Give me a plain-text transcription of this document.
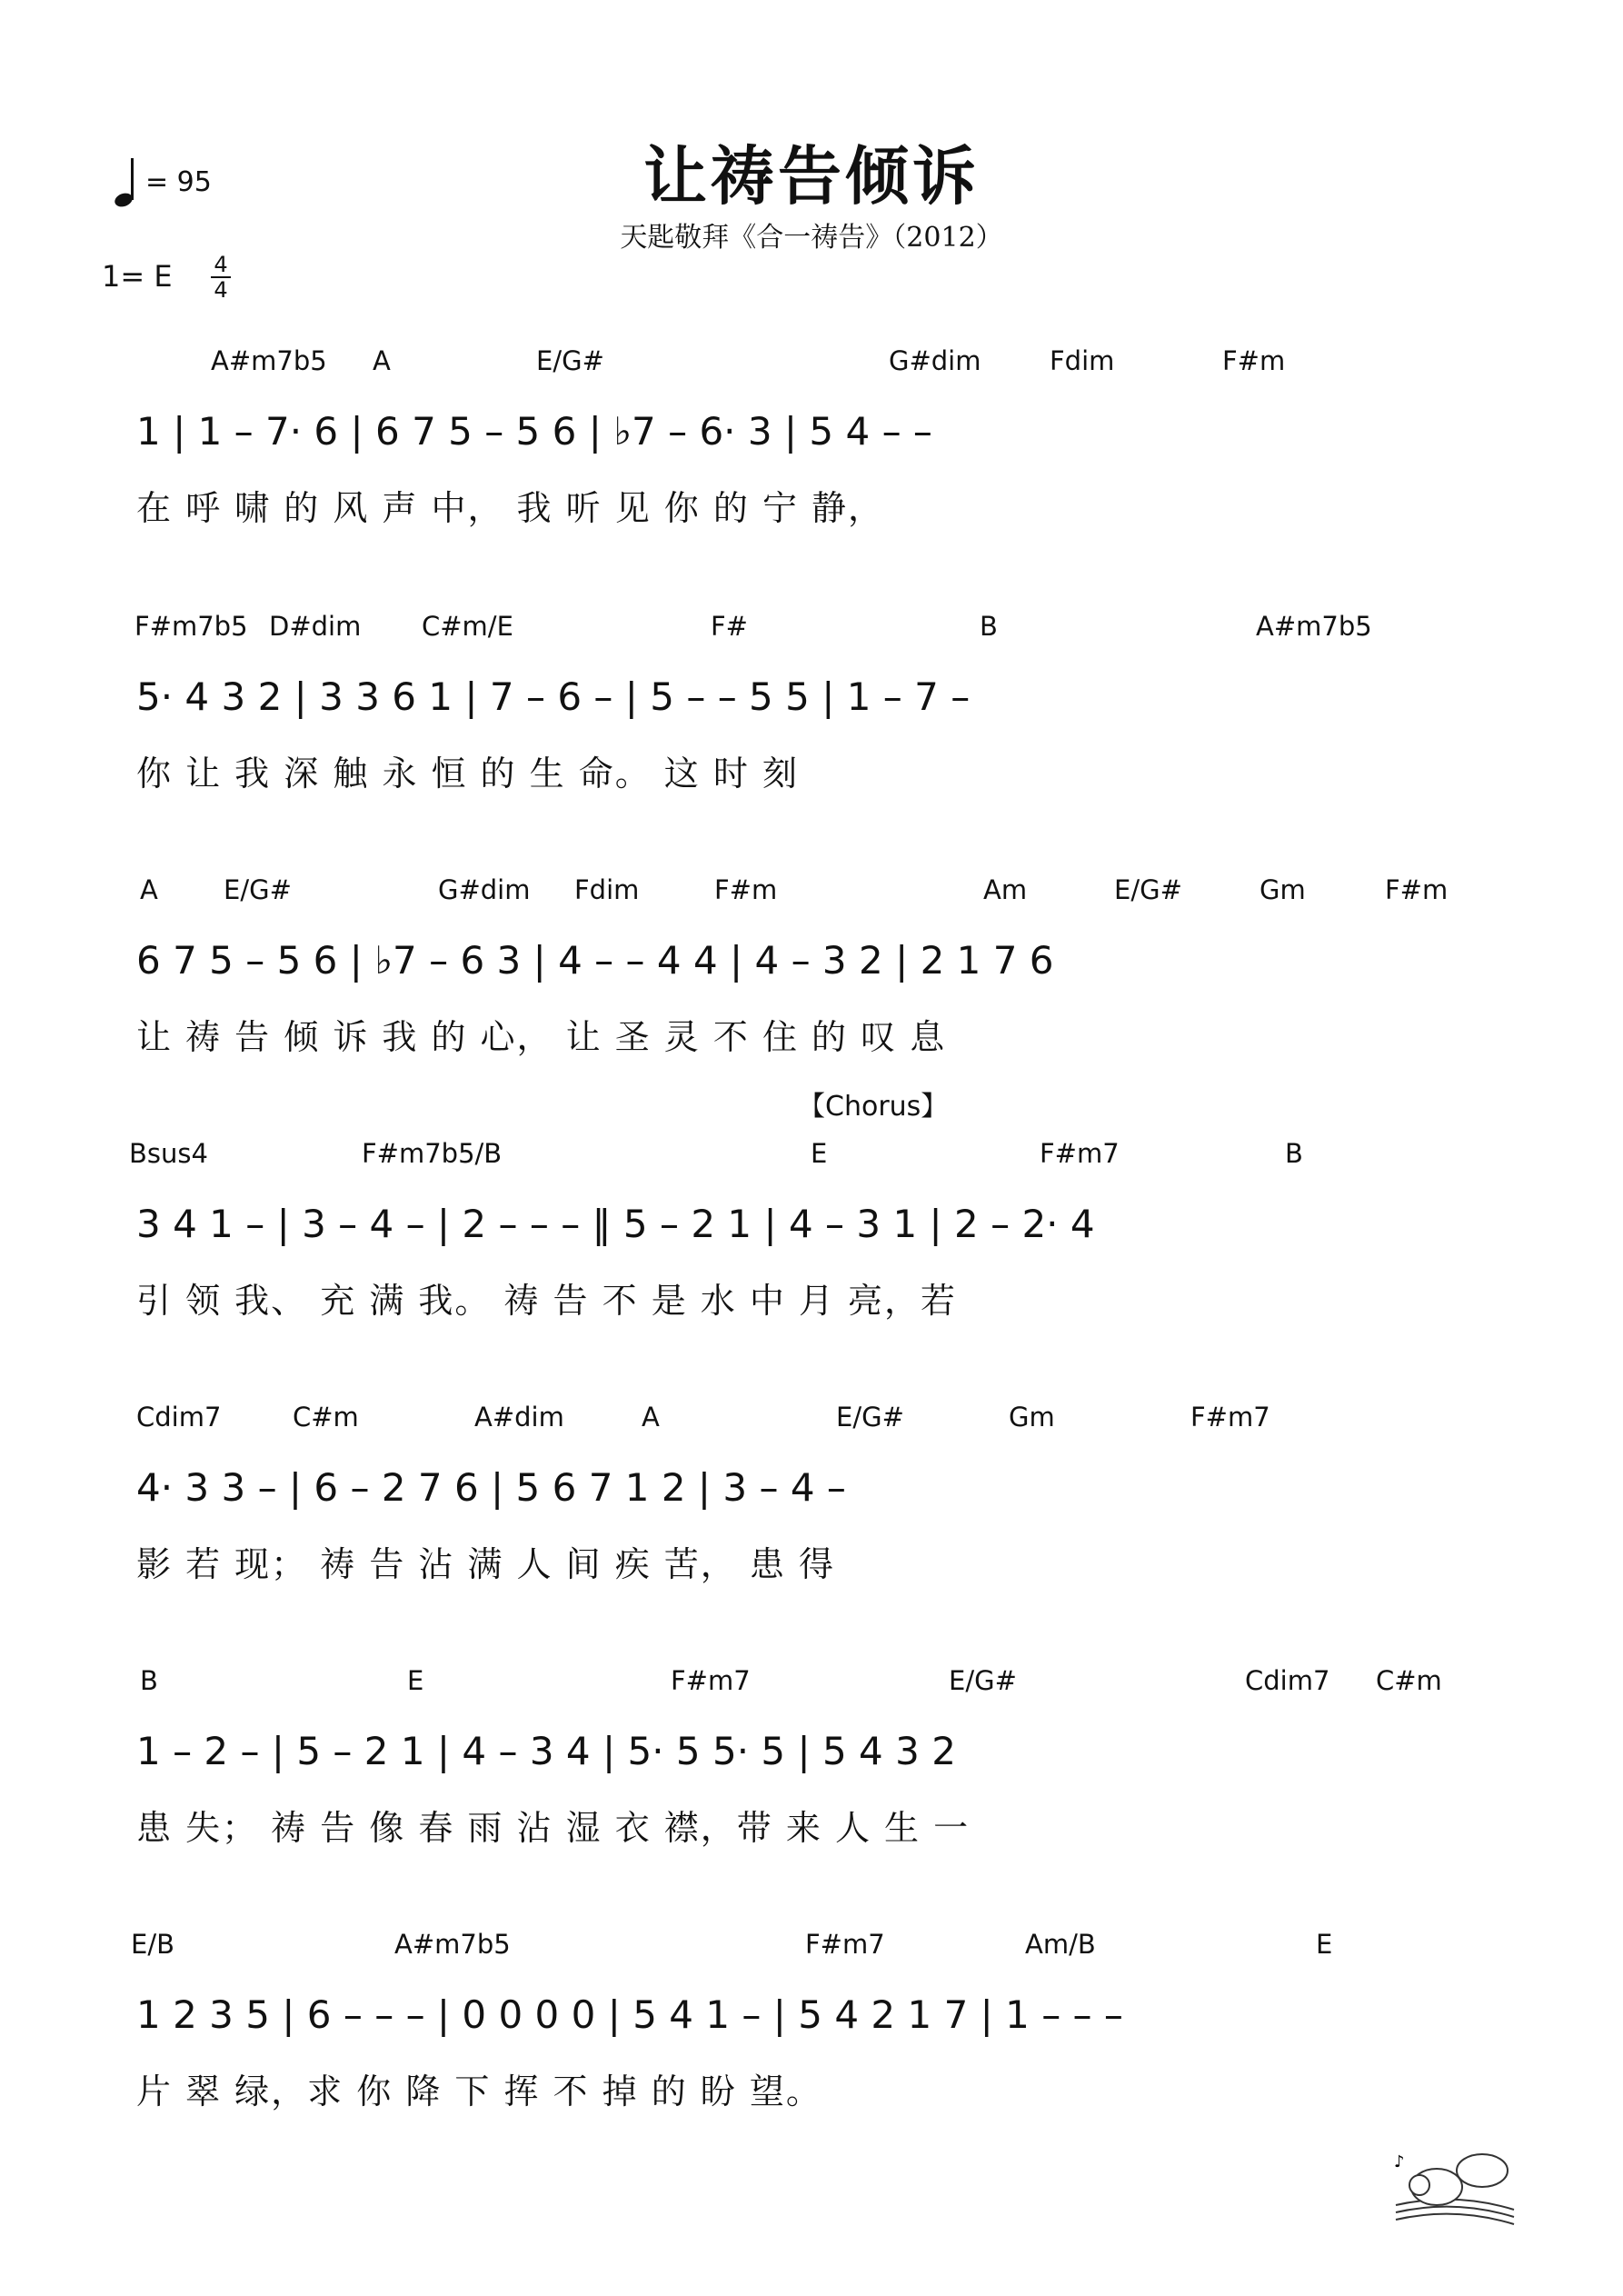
= 95	让祷告倾诉
天匙敬拜《合一祷告》（2012）
1= E 4
4
A#m7b5 A	E/G#	G#dim	Fdim	F#m
1 | 1 – 7· 6 | 6 7 5 – 5 6 | ♭7 – 6· 3 | 5 4 – –
在 呼 啸 的 风 声 中， 我 听 见 你 的 宁 静，
F#m7b5 D#dim C#m/E	F#	B	A#m7b5
5· 4 3 2 | 3 3 6 1 | 7 – 6 – | 5 – – 5 5 | 1 – 7 –
你 让 我 深 触 永 恒 的 生 命。 这 时 刻
A E/G#	G#dim Fdim	F#m	Am	E/G#	Gm	F#m
6 7 5 – 5 6 | ♭7 – 6 3 | 4 – – 4 4 | 4 – 3 2 | 2 1 7 6
让 祷 告 倾 诉 我 的 心， 让 圣 灵 不 住 的 叹 息
【Chorus】
Bsus4	F#m7b5/B	E	F#m7	B
3 4 1 – | 3 – 4 – | 2 – – – ‖ 5 – 2 1 | 4 – 3 1 | 2 – 2· 4
引 领 我、 充 满 我。 祷 告 不 是 水 中 月 亮，若
Cdim7	C#m	A#dim	A	E/G#	Gm	F#m7
4· 3 3 – | 6 – 2 7 6 | 5 6 7 1 2 | 3 – 4 –
影 若 现； 祷 告 沾 满 人 间 疾 苦， 患 得
B	E	F#m7	E/G#	Cdim7 C#m
1 – 2 – | 5 – 2 1 | 4 – 3 4 | 5· 5 5· 5 | 5 4 3 2
患 失； 祷 告 像 春 雨 沾 湿 衣 襟，带 来 人 生 一
E/B	A#m7b5	F#m7	Am/B	E
1 2 3 5 | 6 – – – | 0 0 0 0 | 5 4 1 – | 5 4 2 1 7 | 1 – – –
片 翠 绿，求 你 降 下 挥 不 掉 的 盼 望。
♪
